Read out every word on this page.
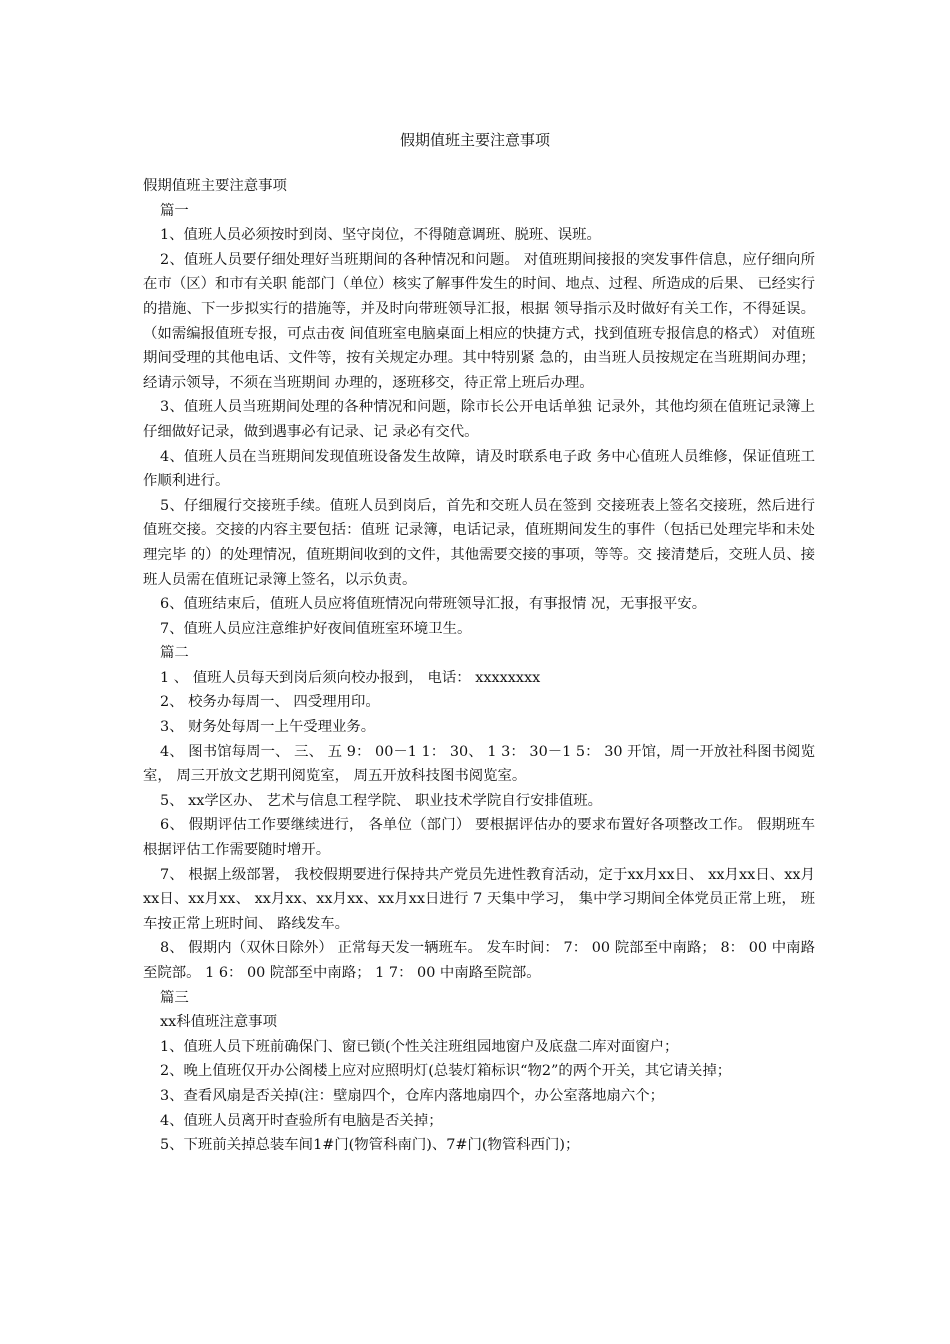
假期值班主要注意事项

假期值班主要注意事项

篇一

1、值班人员必须按时到岗、坚守岗位，不得随意调班、脱班、误班。

2、值班人员要仔细处理好当班期间的各种情况和问题。 对值班期间接报的突发事件信息，应仔细向所在市（区）和市有关职 能部门（单位）核实了解事件发生的时间、地点、过程、所造成的后果、 已经实行的措施、下一步拟实行的措施等，并及时向带班领导汇报，根据 领导指示及时做好有关工作，不得延误。（如需编报值班专报，可点击夜 间值班室电脑桌面上相应的快捷方式，找到值班专报信息的格式） 对值班期间受理的其他电话、文件等，按有关规定办理。其中特别紧 急的，由当班人员按规定在当班期间办理；经请示领导，不须在当班期间 办理的，逐班移交，待正常上班后办理。

3、值班人员当班期间处理的各种情况和问题，除市长公开电话单独 记录外，其他均须在值班记录簿上仔细做好记录，做到遇事必有记录、记 录必有交代。

4、值班人员在当班期间发现值班设备发生故障，请及时联系电子政 务中心值班人员维修，保证值班工作顺利进行。

5、仔细履行交接班手续。值班人员到岗后，首先和交班人员在签到 交接班表上签名交接班，然后进行值班交接。交接的内容主要包括：值班 记录簿，电话记录，值班期间发生的事件（包括已处理完毕和未处理完毕 的）的处理情况，值班期间收到的文件，其他需要交接的事项，等等。交 接清楚后，交班人员、接班人员需在值班记录簿上签名，以示负责。

6、值班结束后，值班人员应将值班情况向带班领导汇报，有事报情 况，无事报平安。

7、值班人员应注意维护好夜间值班室环境卫生。

篇二

1 、 值班人员每天到岗后须向校办报到， 电话： xxxxxxxx

2、 校务办每周一、 四受理用印。

3、 财务处每周一上午受理业务。

4、 图书馆每周一、 三、 五 9： 00－1 1： 30、 1 3： 30－1 5： 30 开馆，周一开放社科图书阅览室， 周三开放文艺期刊阅览室， 周五开放科技图书阅览室。

5、 xx学区办、 艺术与信息工程学院、 职业技术学院自行安排值班。

6、 假期评估工作要继续进行， 各单位（部门） 要根据评估办的要求布置好各项整改工作。 假期班车根据评估工作需要随时增开。

7、 根据上级部署， 我校假期要进行保持共产党员先进性教育活动，定于xx月xx日、 xx月xx日、xx月xx日、xx月xx、 xx月xx、xx月xx、xx月xx日进行 7 天集中学习， 集中学习期间全体党员正常上班， 班车按正常上班时间、 路线发车。

8、 假期内（双休日除外） 正常每天发一辆班车。 发车时间： 7： 00 院部至中南路； 8： 00 中南路至院部。 1 6： 00 院部至中南路； 1 7： 00 中南路至院部。

篇三

xx科值班注意事项

1、值班人员下班前确保门、窗已锁(个性关注班组园地窗户及底盘二库对面窗户；

2、晚上值班仅开办公阁楼上应对应照明灯(总装灯箱标识“物2”的两个开关，其它请关掉；

3、查看风扇是否关掉(注：壁扇四个，仓库内落地扇四个，办公室落地扇六个；

4、值班人员离开时查验所有电脑是否关掉；

5、下班前关掉总装车间1#门(物管科南门)、7#门(物管科西门)；
